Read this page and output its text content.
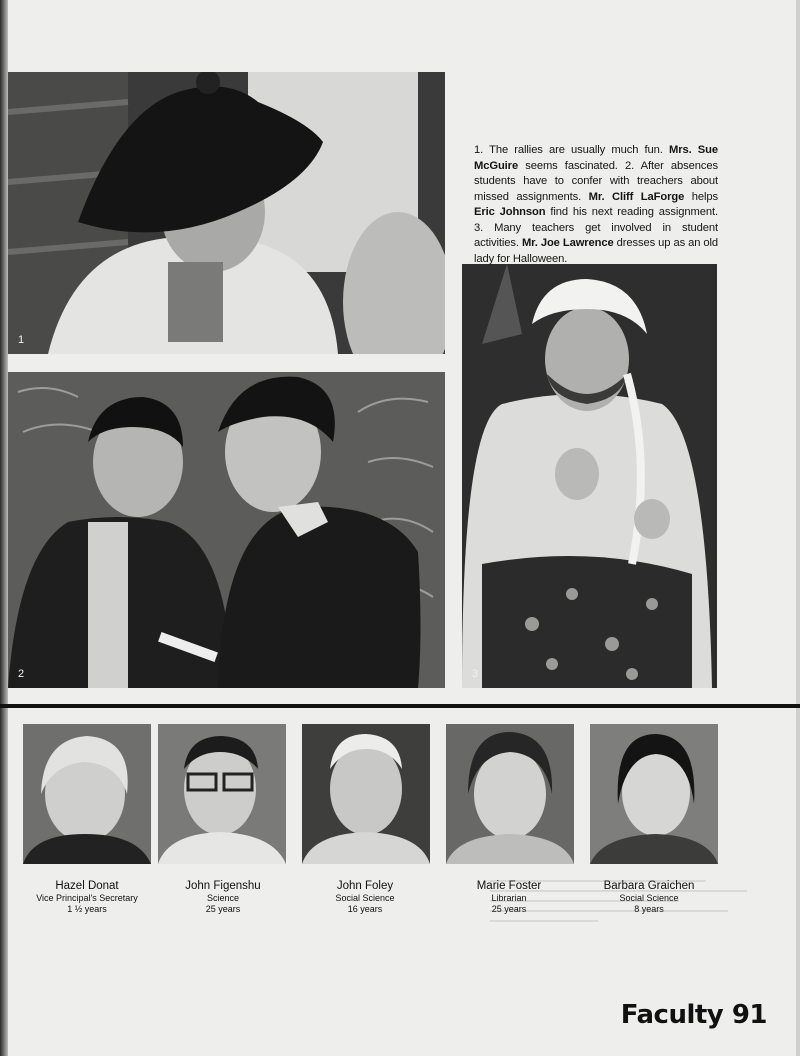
1
2	3
1. The rallies are usually much fun. Mrs. Sue McGuire seems fascinated. 2. After absences students have to confer with treachers about missed assignments. Mr. Cliff LaForge helps Eric Johnson find his next reading assignment. 3. Many teachers get involved in student activities. Mr. Joe Lawrence dresses up as an old lady for Halloween.
Hazel Donat
Vice Principal's Secretary
1 ½ years
John Figenshu
Science
25 years
John Foley
Social Science
16 years
Marie Foster
Librarian
25 years
Barbara Graichen
Social Science
8 years
Faculty 91
